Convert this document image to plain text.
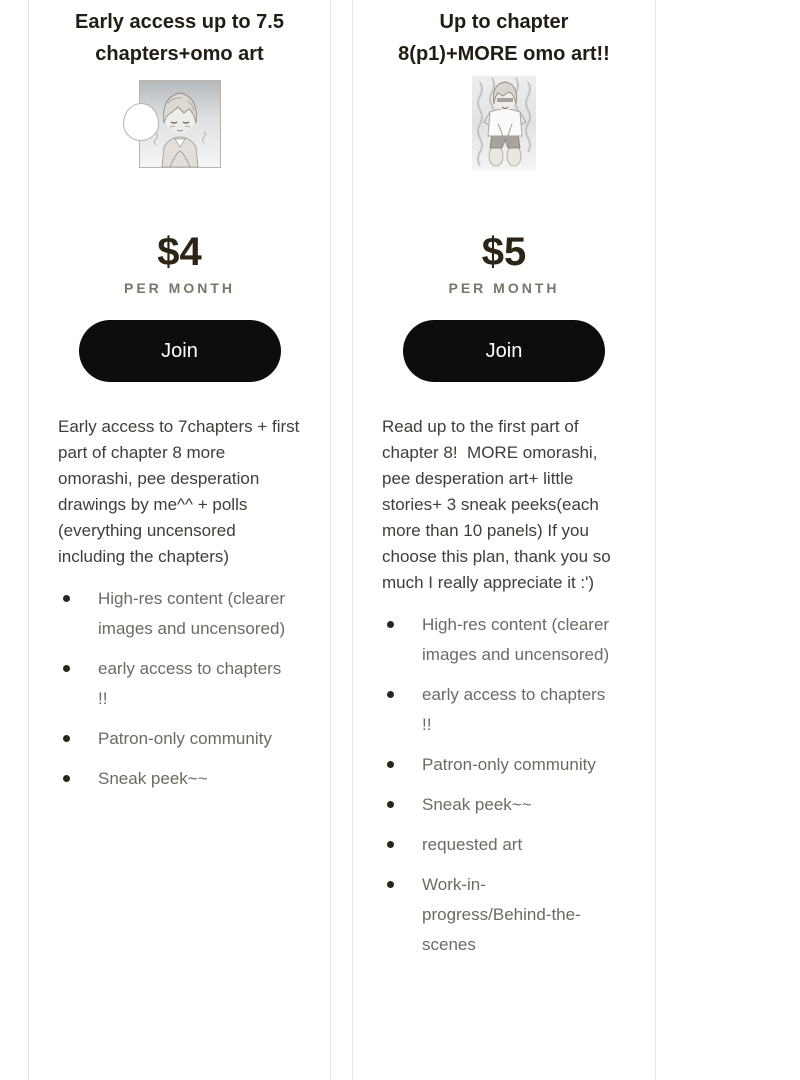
Early access up to 7.5 chapters+omo art
$4
PER MONTH
Join

Early access to 7chapters + first part of chapter 8 more omorashi, pee desperation drawings by me^^ + polls (everything uncensored including the chapters)

High-res content (clearer images and uncensored)
early access to chapters !!
Patron-only community
Sneak peek~~
Up to chapter 8(p1)+MORE omo art!!
$5
PER MONTH
Join

Read up to the first part of chapter 8!  MORE omorashi, pee desperation art+ little stories+ 3 sneak peeks(each more than 10 panels) If you choose this plan, thank you so much I really appreciate it :')

High-res content (clearer images and uncensored)
early access to chapters !!
Patron-only community
Sneak peek~~
requested art
Work-in-progress/Behind-the-scenes
